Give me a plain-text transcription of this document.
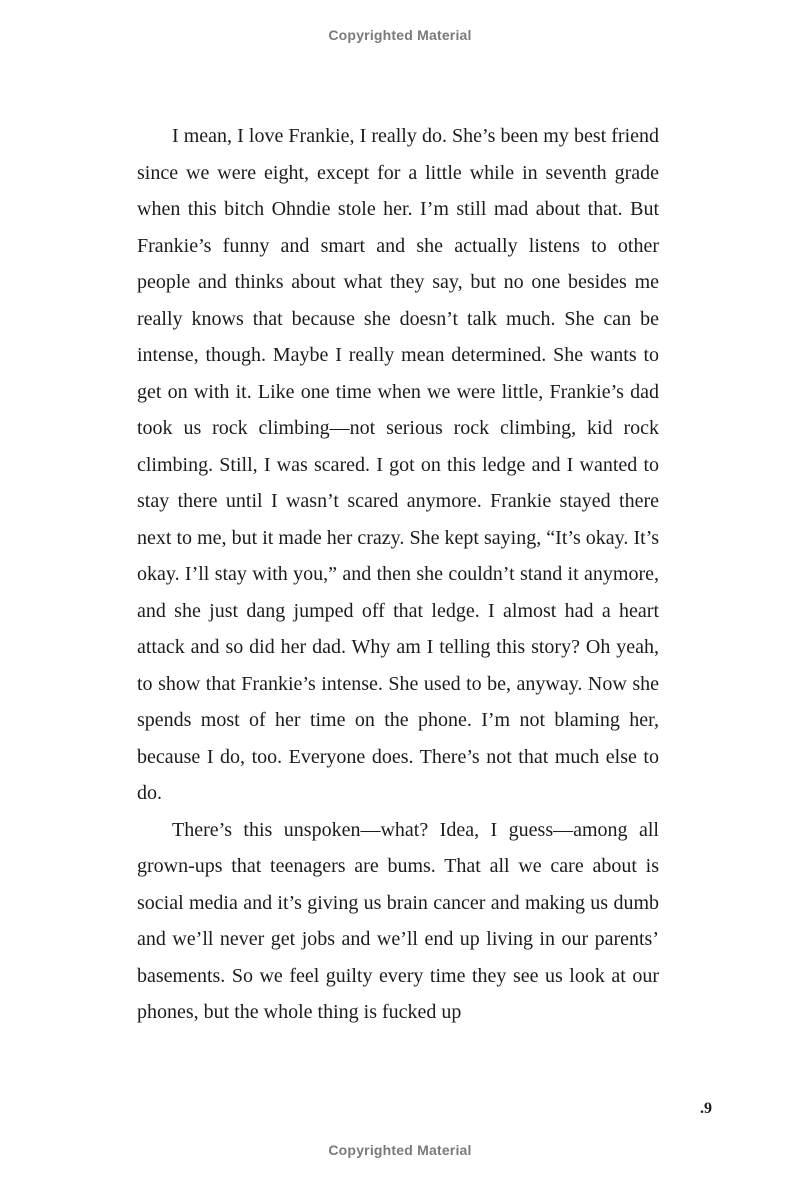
Copyrighted Material

I mean, I love Frankie, I really do. She’s been my best friend since we were eight, except for a little while in seventh grade when this bitch Ohndie stole her. I’m still mad about that. But Frankie’s funny and smart and she actually listens to other people and thinks about what they say, but no one besides me really knows that because she doesn’t talk much. She can be intense, though. Maybe I really mean determined. She wants to get on with it. Like one time when we were little, Frankie’s dad took us rock climbing—not serious rock climbing, kid rock climbing. Still, I was scared. I got on this ledge and I wanted to stay there until I wasn’t scared anymore. Frankie stayed there next to me, but it made her crazy. She kept saying, “It’s okay. It’s okay. I’ll stay with you,” and then she couldn’t stand it anymore, and she just dang jumped off that ledge. I almost had a heart attack and so did her dad. Why am I telling this story? Oh yeah, to show that Frankie’s intense. She used to be, anyway. Now she spends most of her time on the phone. I’m not blaming her, because I do, too. Everyone does. There’s not that much else to do.

There’s this unspoken—what? Idea, I guess—among all grown-ups that teenagers are bums. That all we care about is social media and it’s giving us brain cancer and making us dumb and we’ll never get jobs and we’ll end up living in our parents’ basements. So we feel guilty every time they see us look at our phones, but the whole thing is fucked up

.9
Copyrighted Material
